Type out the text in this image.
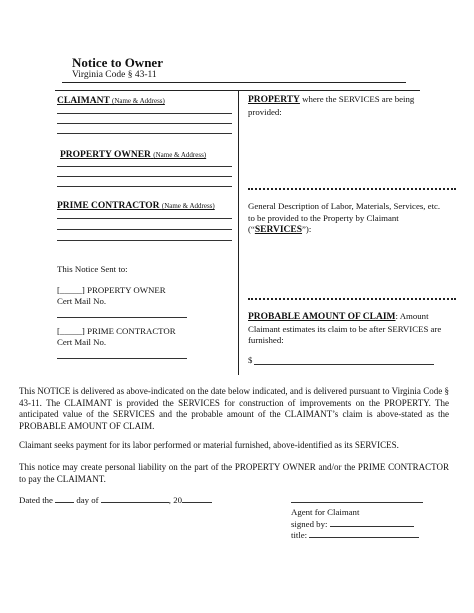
Notice to Owner
Virginia Code § 43-11
CLAIMANT (Name & Address)
PROPERTY OWNER (Name & Address)
PRIME CONTRACTOR (Name & Address)
This Notice Sent to:
[_____] PROPERTY OWNER
Cert Mail No.
[_____] PRIME CONTRACTOR
Cert Mail No.
PROPERTY where the SERVICES are being
provided:
General Description of Labor, Materials, Services, etc.
to be provided to the Property by Claimant
(“SERVICES”):
PROBABLE AMOUNT OF CLAIM: Amount
Claimant estimates its claim to be after SERVICES are
furnished:
$
This NOTICE is delivered as above-indicated on the date below indicated, and is delivered pursuant to Virginia Code § 43-11. The CLAIMANT is provided the SERVICES for construction of improvements on the PROPERTY. The anticipated value of the SERVICES and the probable amount of the CLAIMANT’s claim is above-stated as the PROBABLE AMOUNT OF CLAIM.
Claimant seeks payment for its labor performed or material furnished, above-identified as its SERVICES.
This notice may create personal liability on the part of the PROPERTY OWNER and/or the PRIME CONTRACTOR to pay the CLAIMANT.
Dated the	day of	, 20
Agent for Claimant
signed by:
title:
